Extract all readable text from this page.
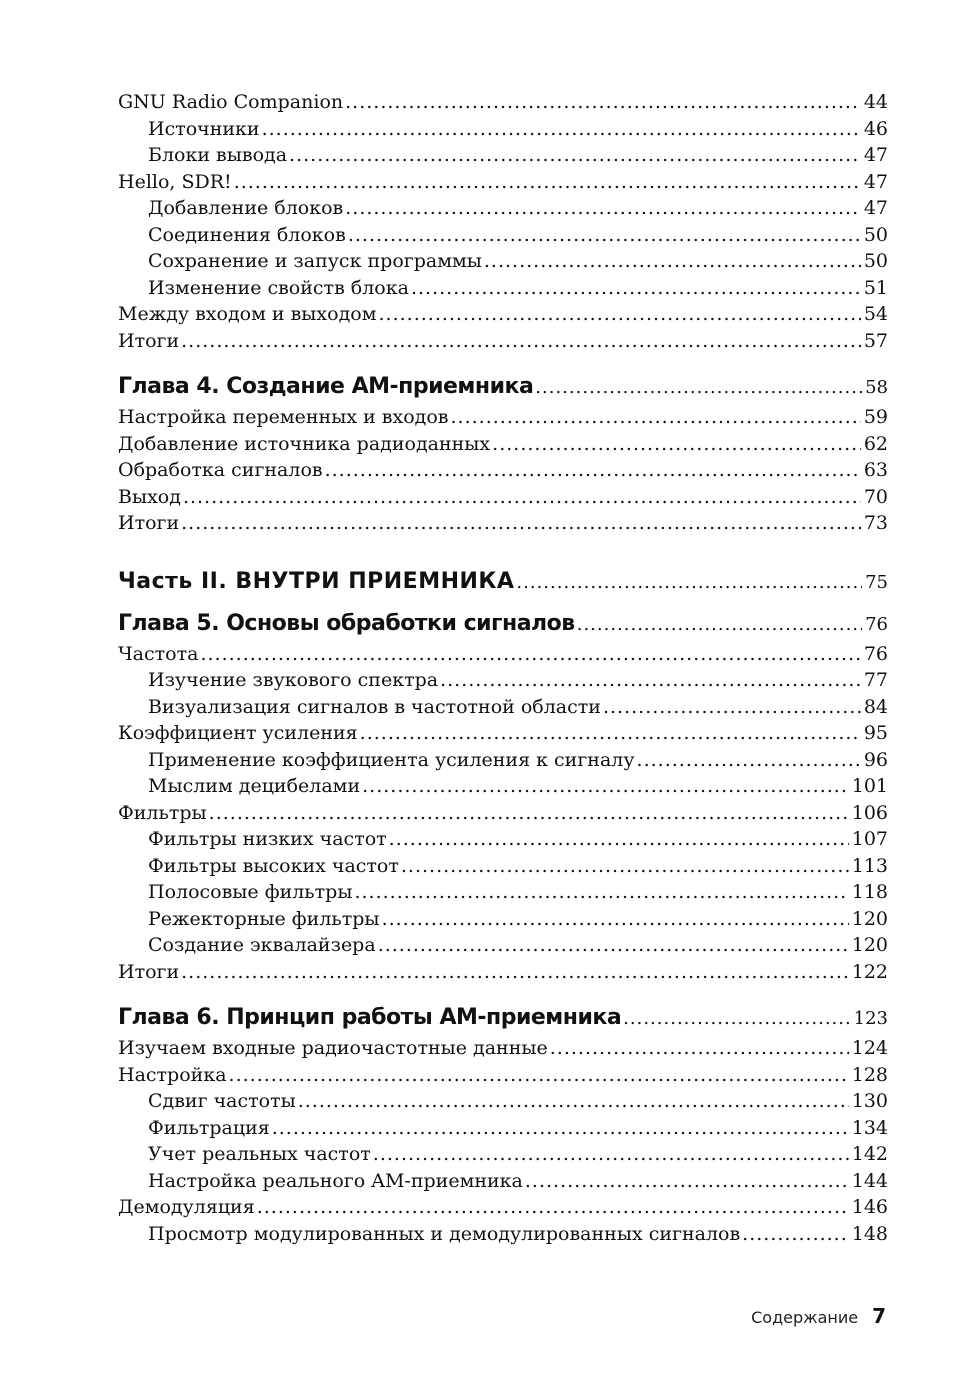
GNU Radio Companion .....	44
Источники .....	46
Блоки вывода .....	47
Hello, SDR! .....	47
Добавление блоков .....	47
Соединения блоков .....	50
Сохранение и запуск программы .....	50
Изменение свойств блока .....	51
Между входом и выходом .....	54
Итоги .....	57
Глава 4. Создание AM-приемника .....	58
Настройка переменных и входов .....	59
Добавление источника радиоданных .....	62
Обработка сигналов .....	63
Выход .....	70
Итоги .....	73
Часть II. ВНУТРИ ПРИЕМНИКА .....	75
Глава 5. Основы обработки сигналов .....	76
Частота .....	76
Изучение звукового спектра .....	77
Визуализация сигналов в частотной области .....	84
Коэффициент усиления .....	95
Применение коэффициента усиления к сигналу .....	96
Мыслим децибелами .....	101
Фильтры .....	106
Фильтры низких частот .....	107
Фильтры высоких частот .....	113
Полосовые фильтры .....	118
Режекторные фильтры .....	120
Создание эквалайзера .....	120
Итоги .....	122
Глава 6. Принцип работы AM-приемника .....	123
Изучаем входные радиочастотные данные .....	124
Настройка .....	128
Сдвиг частоты .....	130
Фильтрация .....	134
Учет реальных частот .....	142
Настройка реального AM-приемника .....	144
Демодуляция .....	146
Просмотр модулированных и демодулированных сигналов .....	148
Содержание 7
